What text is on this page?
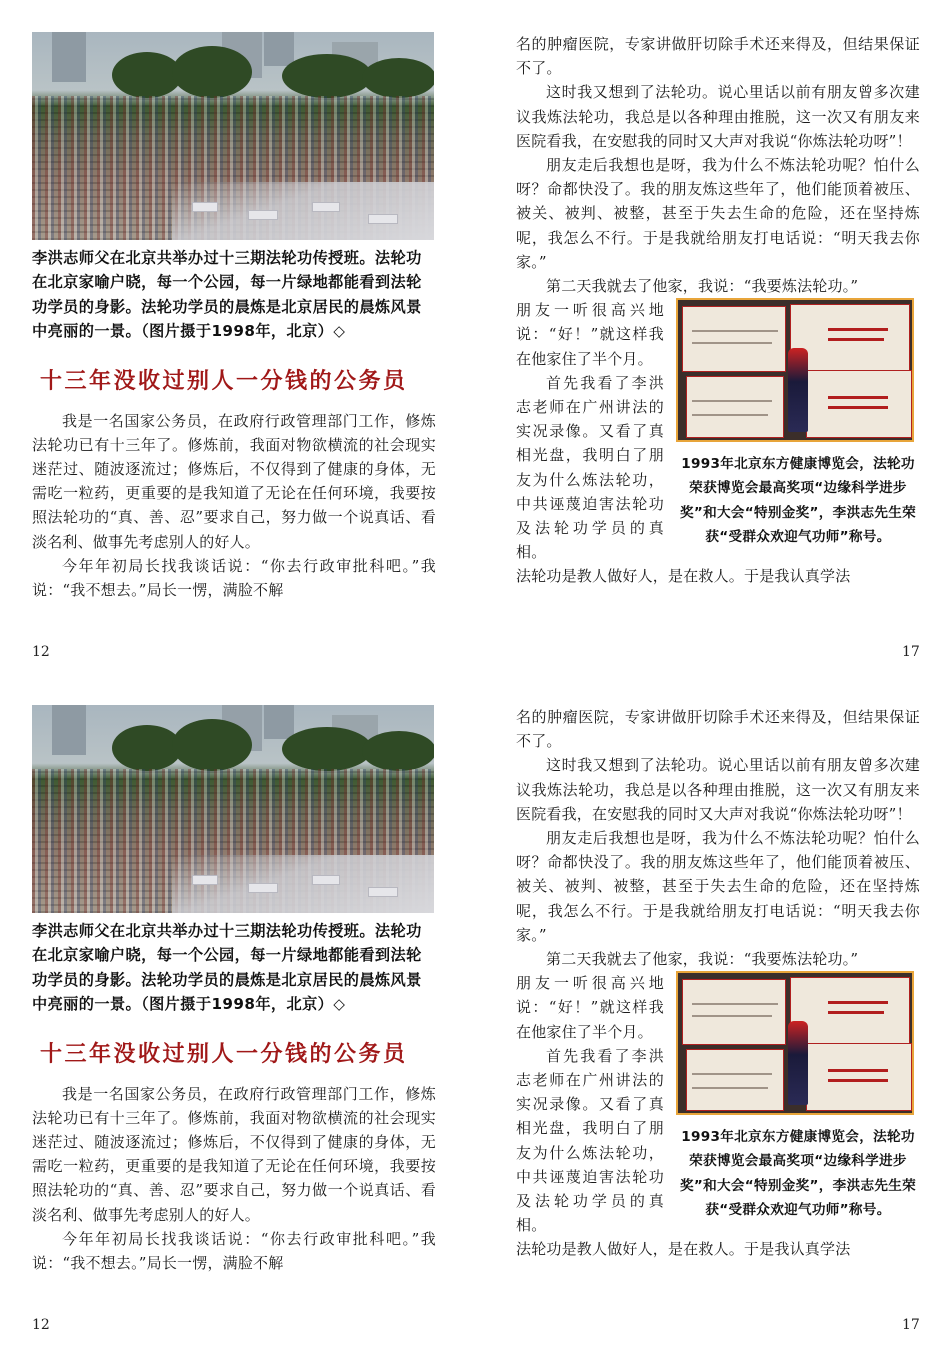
李洪志师父在北京共举办过十三期法轮功传授班。法轮功在北京家喻户晓，每一个公园，每一片绿地都能看到法轮功学员的身影。法轮功学员的晨炼是北京居民的晨炼风景中亮丽的一景。（图片摄于1998年，北京）◇
十三年没收过别人一分钱的公务员

我是一名国家公务员，在政府行政管理部门工作，修炼法轮功已有十三年了。修炼前，我面对物欲横流的社会现实迷茫过、随波逐流过；修炼后，不仅得到了健康的身体，无需吃一粒药，更重要的是我知道了无论在任何环境，我要按照法轮功的“真、善、忍”要求自己，努力做一个说真话、看淡名利、做事先考虑别人的好人。

今年年初局长找我谈话说：“你去行政审批科吧。”我说：“我不想去。”局长一愣，满脸不解

名的肿瘤医院，专家讲做肝切除手术还来得及，但结果保证不了。

这时我又想到了法轮功。说心里话以前有朋友曾多次建议我炼法轮功，我总是以各种理由推脱，这一次又有朋友来医院看我，在安慰我的同时又大声对我说“你炼法轮功呀”！

朋友走后我想也是呀，我为什么不炼法轮功呢？怕什么呀？命都快没了。我的朋友炼这些年了，他们能顶着被压、被关、被判、被整，甚至于失去生命的危险，还在坚持炼呢，我怎么不行。于是我就给朋友打电话说：“明天我去你家。”

第二天我就去了他家，我说：“我要炼法轮功。”

朋友一听很高兴地说：“好！”就这样我在他家住了半个月。

首先我看了李洪志老师在广州讲法的实况录像。又看了真相光盘，我明白了朋友为什么炼法轮功，中共诬蔑迫害法轮功及法轮功学员的真相。

1993年北京东方健康博览会，法轮功荣获博览会最高奖项“边缘科学进步奖”和大会“特别金奖”，李洪志先生荣获“受群众欢迎气功师”称号。

法轮功是教人做好人，是在救人。于是我认真学法

12	17
李洪志师父在北京共举办过十三期法轮功传授班。法轮功在北京家喻户晓，每一个公园，每一片绿地都能看到法轮功学员的身影。法轮功学员的晨炼是北京居民的晨炼风景中亮丽的一景。（图片摄于1998年，北京）◇
十三年没收过别人一分钱的公务员

我是一名国家公务员，在政府行政管理部门工作，修炼法轮功已有十三年了。修炼前，我面对物欲横流的社会现实迷茫过、随波逐流过；修炼后，不仅得到了健康的身体，无需吃一粒药，更重要的是我知道了无论在任何环境，我要按照法轮功的“真、善、忍”要求自己，努力做一个说真话、看淡名利、做事先考虑别人的好人。

今年年初局长找我谈话说：“你去行政审批科吧。”我说：“我不想去。”局长一愣，满脸不解

名的肿瘤医院，专家讲做肝切除手术还来得及，但结果保证不了。

这时我又想到了法轮功。说心里话以前有朋友曾多次建议我炼法轮功，我总是以各种理由推脱，这一次又有朋友来医院看我，在安慰我的同时又大声对我说“你炼法轮功呀”！

朋友走后我想也是呀，我为什么不炼法轮功呢？怕什么呀？命都快没了。我的朋友炼这些年了，他们能顶着被压、被关、被判、被整，甚至于失去生命的危险，还在坚持炼呢，我怎么不行。于是我就给朋友打电话说：“明天我去你家。”

第二天我就去了他家，我说：“我要炼法轮功。”

朋友一听很高兴地说：“好！”就这样我在他家住了半个月。

首先我看了李洪志老师在广州讲法的实况录像。又看了真相光盘，我明白了朋友为什么炼法轮功，中共诬蔑迫害法轮功及法轮功学员的真相。

1993年北京东方健康博览会，法轮功荣获博览会最高奖项“边缘科学进步奖”和大会“特别金奖”，李洪志先生荣获“受群众欢迎气功师”称号。

法轮功是教人做好人，是在救人。于是我认真学法

12	17
